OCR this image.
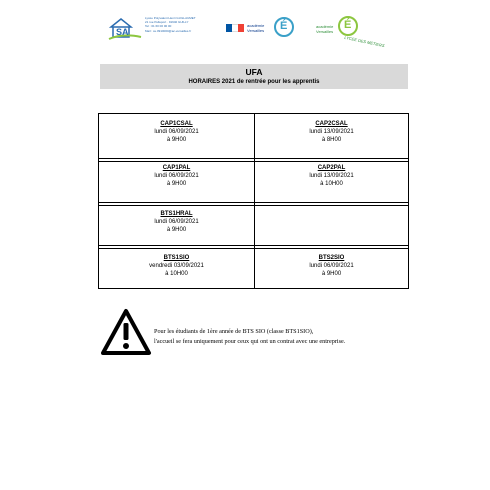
SA
Lycée Polyvalent Henri GUILLAUMET
21 rue Pelleport · 91940 GUILLY
Tel : 01 60 00 00 00
Mail : ce.0910000@ac-versailles.fr
académie
Versailles
É
académie
Versailles
É
LYCÉE DES MÉTIERS
UFA
HORAIRES 2021 de rentrée pour les apprentis
CAP1CSAL
lundi 06/09/2021
à 9H00
CAP2CSAL
lundi 13/09/2021
à 8H00
CAP1PAL
lundi 06/09/2021
à 9H00
CAP2PAL
lundi 13/09/2021
à 10H00
BTS1HRAL
lundi 06/09/2021
à 9H00
BTS1SIO
vendredi 03/09/2021
à 10H00
BTS2SIO
lundi 06/09/2021
à 9H00
Pour les étudiants de 1ère année de BTS SIO (classe BTS1SIO),
l'accueil se fera uniquement pour ceux qui ont un contrat avec une entreprise.
